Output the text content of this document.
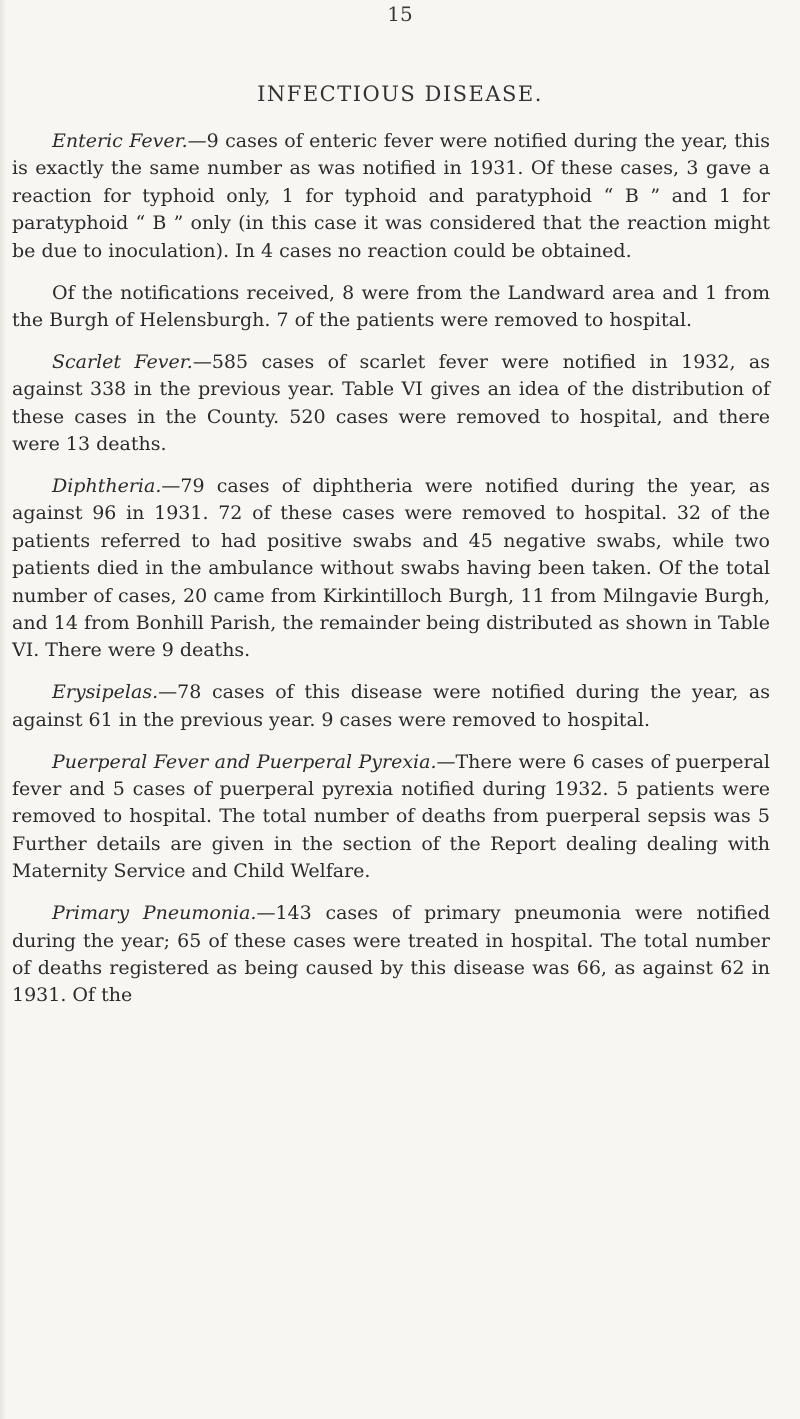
15
INFECTIOUS DISEASE.

Enteric Fever.—9 cases of enteric fever were notified during the year, this is exactly the same number as was notified in 1931. Of these cases, 3 gave a reaction for typhoid only, 1 for typhoid and paratyphoid “ B ” and 1 for paratyphoid “ B ” only (in this case it was considered that the reaction might be due to inoculation). In 4 cases no reaction could be obtained.

Of the notifications received, 8 were from the Landward area and 1 from the Burgh of Helensburgh. 7 of the patients were removed to hospital.

Scarlet Fever.—585 cases of scarlet fever were notified in 1932, as against 338 in the previous year. Table VI gives an idea of the distribution of these cases in the County. 520 cases were removed to hospital, and there were 13 deaths.

Diphtheria.—79 cases of diphtheria were notified during the year, as against 96 in 1931. 72 of these cases were removed to hospital. 32 of the patients referred to had positive swabs and 45 negative swabs, while two patients died in the ambulance without swabs having been taken. Of the total number of cases, 20 came from Kirkintilloch Burgh, 11 from Milngavie Burgh, and 14 from Bonhill Parish, the remainder being distributed as shown in Table VI. There were 9 deaths.

Erysipelas.—78 cases of this disease were notified during the year, as against 61 in the previous year. 9 cases were removed to hospital.

Puerperal Fever and Puerperal Pyrexia.—There were 6 cases of puerperal fever and 5 cases of puerperal pyrexia notified during 1932. 5 patients were removed to hospital. The total number of deaths from puerperal sepsis was 5 Further details are given in the section of the Report dealing dealing with Maternity Service and Child Welfare.

Primary Pneumonia.—143 cases of primary pneumonia were notified during the year; 65 of these cases were treated in hospital. The total number of deaths registered as being caused by this disease was 66, as against 62 in 1931. Of the
